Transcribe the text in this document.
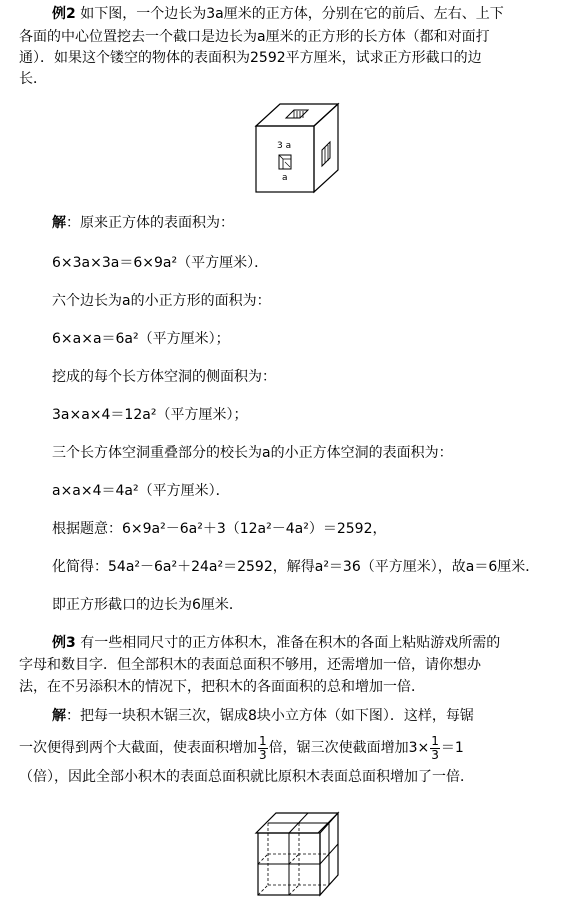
例2 如下图，一个边长为3a厘米的正方体，分别在它的前后、左右、上下
各面的中心位置挖去一个截口是边长为a厘米的正方形的长方体（都和对面打
通）．如果这个镂空的物体的表面积为2592平方厘米，试求正方形截口的边
长．
3 a
a
解：原来正方体的表面积为：
6×3a×3a＝6×9a²（平方厘米）．
六个边长为a的小正方形的面积为：
6×a×a＝6a²（平方厘米）；
挖成的每个长方体空洞的侧面积为：
3a×a×4＝12a²（平方厘米）；
三个长方体空洞重叠部分的校长为a的小正方体空洞的表面积为：
a×a×4＝4a²（平方厘米）．
根据题意：6×9a²－6a²＋3（12a²－4a²）＝2592，
化简得：54a²－6a²＋24a²＝2592，解得a²＝36（平方厘米），故a＝6厘米．
即正方形截口的边长为6厘米．
例3 有一些相同尺寸的正方体积木，准备在积木的各面上粘贴游戏所需的
字母和数目字．但全部积木的表面总面积不够用，还需增加一倍，请你想办
法，在不另添积木的情况下，把积木的各面面积的总和增加一倍．
解：把每一块积木锯三次，锯成8块小立方体（如下图）．这样，每锯
一次便得到两个大截面，使表面积增加 $\frac{1}{3}$ 倍，锯三次使截面增加$3\times \frac{1}{3} =1$
（倍），因此全部小积木的表面总面积就比原积木表面总面积增加了一倍．
